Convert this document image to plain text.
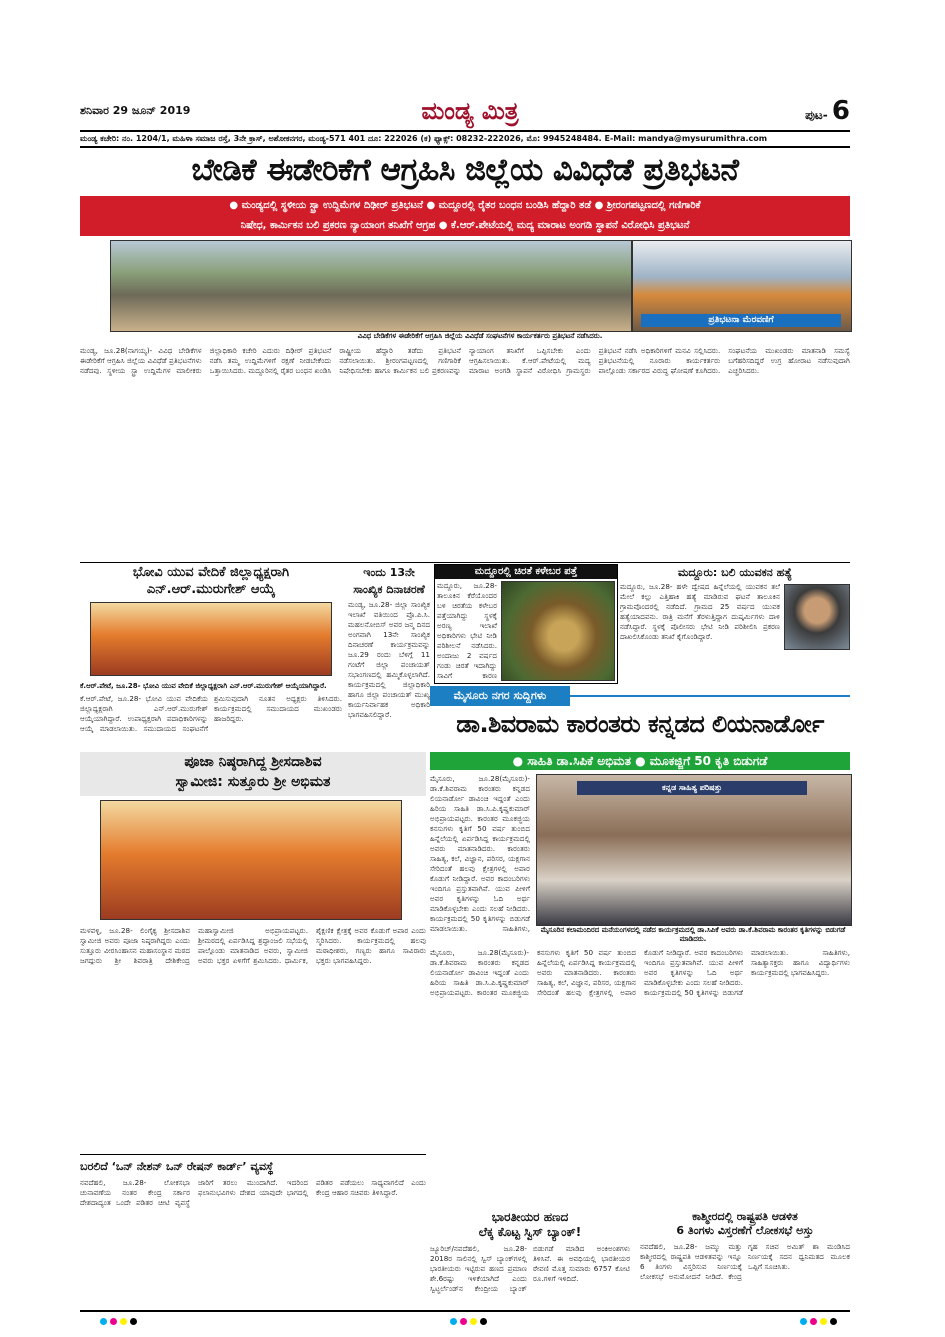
ಶನಿವಾರ 29 ಜೂನ್ 2019	ಮಂಡ್ಯ ಮಿತ್ರ	ಪುಟ- 6
ಮಂಡ್ಯ ಕಚೇರಿ: ನಂ. 1204/1, ಮಹಿಳಾ ಸಮಾಜ ರಸ್ತೆ, 3ನೇ ಕ್ರಾಸ್, ಅಶೋಕನಗರ, ಮಂಡ್ಯ-571 401 ದೂ: 222026 (ಕ) ಫ್ಯಾಕ್ಸ್: 08232-222026, ಮೊ: 9945248484. E-Mail: mandya@mysurumithra.com
ಬೇಡಿಕೆ ಈಡೇರಿಕೆಗೆ ಆಗ್ರಹಿಸಿ ಜಿಲ್ಲೆಯ ವಿವಿಧೆಡೆ ಪ್ರತಿಭಟನೆ
● ಮಂಡ್ಯದಲ್ಲಿ ಸ್ಥಳೀಯ ಸ್ಟ್ರಾ ಉದ್ದಿಮೆಗಳ ದಿಢೀರ್ ಪ್ರತಿಭಟನೆ ● ಮದ್ದೂರಲ್ಲಿ ರೈತರ ಬಂಧನ ಬಂಡಿಸಿ ಹೆದ್ದಾರಿ ತಡೆ ● ಶ್ರೀರಂಗಪಟ್ಟಣದಲ್ಲಿ ಗಣಿಗಾರಿಕೆ
ನಿಷೇಧ, ಕಾರ್ಮಿಕನ ಬಲಿ ಪ್ರಕರಣ ನ್ಯಾಯಾಂಗ ತನಿಖೆಗೆ ಆಗ್ರಹ ● ಕೆ.ಆರ್.ಪೇಟೆಯಲ್ಲಿ ಮದ್ಯ ಮಾರಾಟ ಅಂಗಡಿ ಸ್ಥಾಪನೆ ವಿರೋಧಿಸಿ ಪ್ರತಿಭಟನೆ
ಪ್ರತಿಭಟನಾ ಮೆರವಣಿಗೆ
ವಿವಿಧ ಬೇಡಿಕೆಗಳ ಈಡೇರಿಕೆಗೆ ಆಗ್ರಹಿಸಿ ಜಿಲ್ಲೆಯ ವಿವಿಧೆಡೆ ಸಂಘಟನೆಗಳ ಕಾರ್ಯಕರ್ತರು ಪ್ರತಿಭಟನೆ ನಡೆಸಿದರು.
ಮಂಡ್ಯ, ಜೂ.28(ನಾಗಯ್ಯ)- ವಿವಿಧ ಬೇಡಿಕೆಗಳ ಈಡೇರಿಕೆಗೆ ಆಗ್ರಹಿಸಿ ಜಿಲ್ಲೆಯ ವಿವಿಧೆಡೆ ಪ್ರತಿಭಟನೆಗಳು ನಡೆದವು. ಸ್ಥಳೀಯ ಸ್ಟ್ರಾ ಉದ್ದಿಮೆಗಳ ಮಾಲೀಕರು ಜಿಲ್ಲಾಧಿಕಾರಿ ಕಚೇರಿ ಎದುರು ದಿಢೀರ್ ಪ್ರತಿಭಟನೆ ನಡೆಸಿ ತಮ್ಮ ಉದ್ದಿಮೆಗಳಿಗೆ ರಕ್ಷಣೆ ನೀಡಬೇಕೆಂದು ಒತ್ತಾಯಿಸಿದರು. ಮದ್ದೂರಿನಲ್ಲಿ ರೈತರ ಬಂಧನ ಖಂಡಿಸಿ ರಾಷ್ಟ್ರೀಯ ಹೆದ್ದಾರಿ ತಡೆದು ಪ್ರತಿಭಟನೆ ನಡೆಸಲಾಯಿತು. ಶ್ರೀರಂಗಪಟ್ಟಣದಲ್ಲಿ ಗಣಿಗಾರಿಕೆ ನಿಷೇಧಿಸಬೇಕು ಹಾಗೂ ಕಾರ್ಮಿಕನ ಬಲಿ ಪ್ರಕರಣವನ್ನು ನ್ಯಾಯಾಂಗ ತನಿಖೆಗೆ ಒಪ್ಪಿಸಬೇಕು ಎಂದು ಆಗ್ರಹಿಸಲಾಯಿತು. ಕೆ.ಆರ್.ಪೇಟೆಯಲ್ಲಿ ಮದ್ಯ ಮಾರಾಟ ಅಂಗಡಿ ಸ್ಥಾಪನೆ ವಿರೋಧಿಸಿ ಗ್ರಾಮಸ್ಥರು ಪ್ರತಿಭಟನೆ ನಡೆಸಿ ಅಧಿಕಾರಿಗಳಿಗೆ ಮನವಿ ಸಲ್ಲಿಸಿದರು. ಪ್ರತಿಭಟನೆಯಲ್ಲಿ ನೂರಾರು ಕಾರ್ಯಕರ್ತರು ಪಾಲ್ಗೊಂಡು ಸರ್ಕಾರದ ವಿರುದ್ಧ ಘೋಷಣೆ ಕೂಗಿದರು. ಸಂಘಟನೆಯ ಮುಖಂಡರು ಮಾತನಾಡಿ ಸಮಸ್ಯೆ ಬಗೆಹರಿಸದಿದ್ದರೆ ಉಗ್ರ ಹೋರಾಟ ನಡೆಸುವುದಾಗಿ ಎಚ್ಚರಿಸಿದರು.
ಭೋವಿ ಯುವ ವೇದಿಕೆ ಜಿಲ್ಲಾಧ್ಯಕ್ಷರಾಗಿ
ಎನ್.ಆರ್.ಮುರುಗೇಶ್ ಆಯ್ಕೆ
ಕೆ.ಆರ್.ಪೇಟೆ, ಜೂ.28- ಭೋವಿ ಯುವ ವೇದಿಕೆ ಜಿಲ್ಲಾಧ್ಯಕ್ಷರಾಗಿ ಎನ್.ಆರ್.ಮುರುಗೇಶ್ ಆಯ್ಕೆಯಾಗಿದ್ದಾರೆ.
ಕೆ.ಆರ್.ಪೇಟೆ, ಜೂ.28- ಭೋವಿ ಯುವ ವೇದಿಕೆಯ ಜಿಲ್ಲಾಧ್ಯಕ್ಷರಾಗಿ ಎನ್.ಆರ್.ಮುರುಗೇಶ್ ಆಯ್ಕೆಯಾಗಿದ್ದಾರೆ. ಉಪಾಧ್ಯಕ್ಷರಾಗಿ ಪದಾಧಿಕಾರಿಗಳನ್ನು ಆಯ್ಕೆ ಮಾಡಲಾಯಿತು. ಸಮುದಾಯದ ಸಂಘಟನೆಗೆ ಶ್ರಮಿಸುವುದಾಗಿ ನೂತನ ಅಧ್ಯಕ್ಷರು ತಿಳಿಸಿದರು. ಕಾರ್ಯಕ್ರಮದಲ್ಲಿ ಸಮುದಾಯದ ಮುಖಂಡರು ಹಾಜರಿದ್ದರು.
ಇಂದು 13ನೇ
ಸಾಂಖ್ಯಿಕ ದಿನಾಚರಣೆ
ಮಂಡ್ಯ, ಜೂ.28- ಜಿಲ್ಲಾ ಸಾಂಖ್ಯಿಕ ಇಲಾಖೆ ವತಿಯಿಂದ ಪ್ರೊ.ಪಿ.ಸಿ. ಮಹಲನೋಬಿಸ್ ಅವರ ಜನ್ಮ ದಿನದ ಅಂಗವಾಗಿ 13ನೇ ಸಾಂಖ್ಯಿಕ ದಿನಾಚರಣೆ ಕಾರ್ಯಕ್ರಮವನ್ನು ಜೂ.29 ರಂದು ಬೆಳಿಗ್ಗೆ 11 ಗಂಟೆಗೆ ಜಿಲ್ಲಾ ಪಂಚಾಯತ್ ಸಭಾಂಗಣದಲ್ಲಿ ಹಮ್ಮಿಕೊಳ್ಳಲಾಗಿದೆ. ಕಾರ್ಯಕ್ರಮದಲ್ಲಿ ಜಿಲ್ಲಾಧಿಕಾರಿ ಹಾಗೂ ಜಿಲ್ಲಾ ಪಂಚಾಯತ್ ಮುಖ್ಯ ಕಾರ್ಯನಿರ್ವಾಹಕ ಅಧಿಕಾರಿ ಭಾಗವಹಿಸಲಿದ್ದಾರೆ.
ಮದ್ದೂರಲ್ಲಿ ಚಿರತೆ ಕಳೇಬರ ಪತ್ತೆ
ಮದ್ದೂರು, ಜೂ.28- ತಾಲೂಕಿನ ಕೆರೆಯೊಂದರ ಬಳಿ ಚಿರತೆಯ ಕಳೇಬರ ಪತ್ತೆಯಾಗಿದ್ದು ಸ್ಥಳಕ್ಕೆ ಅರಣ್ಯ ಇಲಾಖೆ ಅಧಿಕಾರಿಗಳು ಭೇಟಿ ನೀಡಿ ಪರಿಶೀಲನೆ ನಡೆಸಿದರು. ಅಂದಾಜು 2 ವರ್ಷದ ಗಂಡು ಚಿರತೆ ಇದಾಗಿದ್ದು ಸಾವಿಗೆ ಕಾರಣ
ಮದ್ದೂರು: ಬಲಿ ಯುವಕನ ಹತ್ಯೆ
ಮದ್ದೂರು, ಜೂ.28- ಹಳೇ ದ್ವೇಷದ ಹಿನ್ನೆಲೆಯಲ್ಲಿ ಯುವಕನ ತಲೆ ಮೇಲೆ ಕಲ್ಲು ಎತ್ತಿಹಾಕಿ ಹತ್ಯೆ ಮಾಡಿರುವ ಘಟನೆ ತಾಲೂಕಿನ ಗ್ರಾಮವೊಂದರಲ್ಲಿ ನಡೆದಿದೆ. ಗ್ರಾಮದ 25 ವರ್ಷದ ಯುವಕ ಹತ್ಯೆಯಾದವನು. ರಾತ್ರಿ ಮನೆಗೆ ತೆರಳುತ್ತಿದ್ದಾಗ ದುಷ್ಕರ್ಮಿಗಳು ದಾಳಿ ನಡೆಸಿದ್ದಾರೆ. ಸ್ಥಳಕ್ಕೆ ಪೊಲೀಸರು ಭೇಟಿ ನೀಡಿ ಪರಿಶೀಲಿಸಿ ಪ್ರಕರಣ ದಾಖಲಿಸಿಕೊಂಡು ತನಿಖೆ ಕೈಗೊಂಡಿದ್ದಾರೆ.
ಮೈಸೂರು ನಗರ ಸುದ್ದಿಗಳು
ಡಾ.ಶಿವರಾಮ ಕಾರಂತರು ಕನ್ನಡದ ಲಿಯನಾರ್ಡೋ
● ಸಾಹಿತಿ ಡಾ.ಸಿಪಿಕೆ ಅಭಿಮತ ● ಮೂಕಜ್ಜಿಗೆ 50 ಕೃತಿ ಬಿಡುಗಡೆ
ಮೈಸೂರು, ಜೂ.28(ಮೈಸೂರು)- ಡಾ.ಕೆ.ಶಿವರಾಮ ಕಾರಂತರು ಕನ್ನಡದ ಲಿಯನಾರ್ಡೋ ಡಾವಿಂಚಿ ಇದ್ದಂತೆ ಎಂದು ಹಿರಿಯ ಸಾಹಿತಿ ಡಾ.ಸಿ.ಪಿ.ಕೃಷ್ಣಕುಮಾರ್ ಅಭಿಪ್ರಾಯಪಟ್ಟರು. ಕಾರಂತರ ಮೂಕಜ್ಜಿಯ ಕನಸುಗಳು ಕೃತಿಗೆ 50 ವರ್ಷ ತುಂಬಿದ ಹಿನ್ನೆಲೆಯಲ್ಲಿ ಏರ್ಪಡಿಸಿದ್ದ ಕಾರ್ಯಕ್ರಮದಲ್ಲಿ ಅವರು ಮಾತನಾಡಿದರು. ಕಾರಂತರು ಸಾಹಿತ್ಯ, ಕಲೆ, ವಿಜ್ಞಾನ, ಪರಿಸರ, ಯಕ್ಷಗಾನ ಸೇರಿದಂತೆ ಹಲವು ಕ್ಷೇತ್ರಗಳಲ್ಲಿ ಅಪಾರ ಕೊಡುಗೆ ನೀಡಿದ್ದಾರೆ. ಅವರ ಕಾದಂಬರಿಗಳು ಇಂದಿಗೂ ಪ್ರಸ್ತುತವಾಗಿವೆ. ಯುವ ಪೀಳಿಗೆ ಅವರ ಕೃತಿಗಳನ್ನು ಓದಿ ಅರ್ಥ ಮಾಡಿಕೊಳ್ಳಬೇಕು ಎಂದು ಸಲಹೆ ನೀಡಿದರು. ಕಾರ್ಯಕ್ರಮದಲ್ಲಿ 50 ಕೃತಿಗಳನ್ನು ಬಿಡುಗಡೆ ಮಾಡಲಾಯಿತು. ಸಾಹಿತಿಗಳು,
ಕನ್ನಡ ಸಾಹಿತ್ಯ ಪರಿಷತ್ತು
ಮೈಸೂರಿನ ಕಲಾಮಂದಿರದ ಮನೆಯಂಗಳದಲ್ಲಿ ನಡೆದ ಕಾರ್ಯಕ್ರಮದಲ್ಲಿ ಡಾ.ಸಿಪಿಕೆ ಅವರು ಡಾ.ಕೆ.ಶಿವರಾಮ ಕಾರಂತರ ಕೃತಿಗಳನ್ನು ಬಿಡುಗಡೆ ಮಾಡಿದರು.
ಮೈಸೂರು, ಜೂ.28(ಮೈಸೂರು)- ಡಾ.ಕೆ.ಶಿವರಾಮ ಕಾರಂತರು ಕನ್ನಡದ ಲಿಯನಾರ್ಡೋ ಡಾವಿಂಚಿ ಇದ್ದಂತೆ ಎಂದು ಹಿರಿಯ ಸಾಹಿತಿ ಡಾ.ಸಿ.ಪಿ.ಕೃಷ್ಣಕುಮಾರ್ ಅಭಿಪ್ರಾಯಪಟ್ಟರು. ಕಾರಂತರ ಮೂಕಜ್ಜಿಯ ಕನಸುಗಳು ಕೃತಿಗೆ 50 ವರ್ಷ ತುಂಬಿದ ಹಿನ್ನೆಲೆಯಲ್ಲಿ ಏರ್ಪಡಿಸಿದ್ದ ಕಾರ್ಯಕ್ರಮದಲ್ಲಿ ಅವರು ಮಾತನಾಡಿದರು. ಕಾರಂತರು ಸಾಹಿತ್ಯ, ಕಲೆ, ವಿಜ್ಞಾನ, ಪರಿಸರ, ಯಕ್ಷಗಾನ ಸೇರಿದಂತೆ ಹಲವು ಕ್ಷೇತ್ರಗಳಲ್ಲಿ ಅಪಾರ ಕೊಡುಗೆ ನೀಡಿದ್ದಾರೆ. ಅವರ ಕಾದಂಬರಿಗಳು ಇಂದಿಗೂ ಪ್ರಸ್ತುತವಾಗಿವೆ. ಯುವ ಪೀಳಿಗೆ ಅವರ ಕೃತಿಗಳನ್ನು ಓದಿ ಅರ್ಥ ಮಾಡಿಕೊಳ್ಳಬೇಕು ಎಂದು ಸಲಹೆ ನೀಡಿದರು. ಕಾರ್ಯಕ್ರಮದಲ್ಲಿ 50 ಕೃತಿಗಳನ್ನು ಬಿಡುಗಡೆ ಮಾಡಲಾಯಿತು. ಸಾಹಿತಿಗಳು, ಸಾಹಿತ್ಯಾಸಕ್ತರು ಹಾಗೂ ವಿದ್ಯಾರ್ಥಿಗಳು ಕಾರ್ಯಕ್ರಮದಲ್ಲಿ ಭಾಗವಹಿಸಿದ್ದರು.
ಪೂಜಾ ನಿಷ್ಠರಾಗಿದ್ದ ಶ್ರೀಸದಾಶಿವ
ಸ್ವಾಮೀಜಿ: ಸುತ್ತೂರು ಶ್ರೀ ಅಭಿಮತ
ಮಳವಳ್ಳಿ, ಜೂ.28- ಲಿಂಗೈಕ್ಯ ಶ್ರೀಸದಾಶಿವ ಸ್ವಾಮೀಜಿ ಅವರು ಪೂಜಾ ನಿಷ್ಠರಾಗಿದ್ದರು ಎಂದು ಸುತ್ತೂರು ವೀರಸಿಂಹಾಸನ ಮಹಾಸಂಸ್ಥಾನ ಮಠದ ಜಗದ್ಗುರು ಶ್ರೀ ಶಿವರಾತ್ರಿ ದೇಶಿಕೇಂದ್ರ ಮಹಾಸ್ವಾಮೀಜಿ ಅಭಿಪ್ರಾಯಪಟ್ಟರು. ಶ್ರೀಮಠದಲ್ಲಿ ಏರ್ಪಡಿಸಿದ್ದ ಶ್ರದ್ಧಾಂಜಲಿ ಸಭೆಯಲ್ಲಿ ಪಾಲ್ಗೊಂಡು ಮಾತನಾಡಿದ ಅವರು, ಸ್ವಾಮೀಜಿ ಅವರು ಭಕ್ತರ ಏಳಿಗೆಗೆ ಶ್ರಮಿಸಿದರು. ಧಾರ್ಮಿಕ, ಶೈಕ್ಷಣಿಕ ಕ್ಷೇತ್ರಕ್ಕೆ ಅವರ ಕೊಡುಗೆ ಅಪಾರ ಎಂದು ಸ್ಮರಿಸಿದರು. ಕಾರ್ಯಕ್ರಮದಲ್ಲಿ ಹಲವು ಮಠಾಧೀಶರು, ಗಣ್ಯರು ಹಾಗೂ ಸಾವಿರಾರು ಭಕ್ತರು ಭಾಗವಹಿಸಿದ್ದರು.
ಭಾರತೀಯರ ಹಣದ
ಲೆಕ್ಕ ಕೊಟ್ಟ ಸ್ವಿಸ್ ಬ್ಯಾಂಕ್!
ಜ್ಯೂರಿಚ್/ನವದೆಹಲಿ, ಜೂ.28- 2018ರ ಸಾಲಿನಲ್ಲಿ ಸ್ವಿಸ್ ಬ್ಯಾಂಕ್‌ಗಳಲ್ಲಿ ಭಾರತೀಯರು ಇಟ್ಟಿರುವ ಹಣದ ಪ್ರಮಾಣ ಶೇ.6ರಷ್ಟು ಇಳಿಕೆಯಾಗಿದೆ ಎಂದು ಸ್ವಿಟ್ಜರ್ಲೆಂಡ್‌ನ ಕೇಂದ್ರೀಯ ಬ್ಯಾಂಕ್ ಬಿಡುಗಡೆ ಮಾಡಿದ ಅಂಕಿಅಂಶಗಳು ತಿಳಿಸಿವೆ. ಈ ಅವಧಿಯಲ್ಲಿ ಭಾರತೀಯರ ಠೇವಣಿ ಮೊತ್ತ ಸುಮಾರು 6757 ಕೋಟಿ ರೂ.ಗಳಿಗೆ ಇಳಿದಿದೆ.
ಕಾಶ್ಮೀರದಲ್ಲಿ ರಾಷ್ಟ್ರಪತಿ ಆಡಳಿತ
6 ತಿಂಗಳು ವಿಸ್ತರಣೆಗೆ ಲೋಕಸಭೆ ಅಸ್ತು
ನವದೆಹಲಿ, ಜೂ.28- ಜಮ್ಮು ಮತ್ತು ಕಾಶ್ಮೀರದಲ್ಲಿ ರಾಷ್ಟ್ರಪತಿ ಆಡಳಿತವನ್ನು ಇನ್ನೂ 6 ತಿಂಗಳು ವಿಸ್ತರಿಸುವ ನಿರ್ಣಯಕ್ಕೆ ಲೋಕಸಭೆ ಅನುಮೋದನೆ ನೀಡಿದೆ. ಕೇಂದ್ರ ಗೃಹ ಸಚಿವ ಅಮಿತ್ ಶಾ ಮಂಡಿಸಿದ ನಿರ್ಣಯಕ್ಕೆ ಸದನ ಧ್ವನಿಮತದ ಮೂಲಕ ಒಪ್ಪಿಗೆ ಸೂಚಿಸಿತು.
ಬರಲಿದೆ ‘ಒನ್ ನೇಶನ್ ಒನ್ ರೇಷನ್ ಕಾರ್ಡ್’ ವ್ಯವಸ್ಥೆ
ನವದೆಹಲಿ, ಜೂ.28- ಲೋಕಸಭಾ ಚುನಾವಣೆಯ ನಂತರ ಕೇಂದ್ರ ಸರ್ಕಾರ ದೇಶದಾದ್ಯಂತ ಒಂದೇ ಪಡಿತರ ಚೀಟಿ ವ್ಯವಸ್ಥೆ ಜಾರಿಗೆ ತರಲು ಮುಂದಾಗಿದೆ. ಇದರಿಂದ ಫಲಾನುಭವಿಗಳು ದೇಶದ ಯಾವುದೇ ಭಾಗದಲ್ಲಿ ಪಡಿತರ ಪಡೆಯಲು ಸಾಧ್ಯವಾಗಲಿದೆ ಎಂದು ಕೇಂದ್ರ ಆಹಾರ ಸಚಿವರು ತಿಳಿಸಿದ್ದಾರೆ.
